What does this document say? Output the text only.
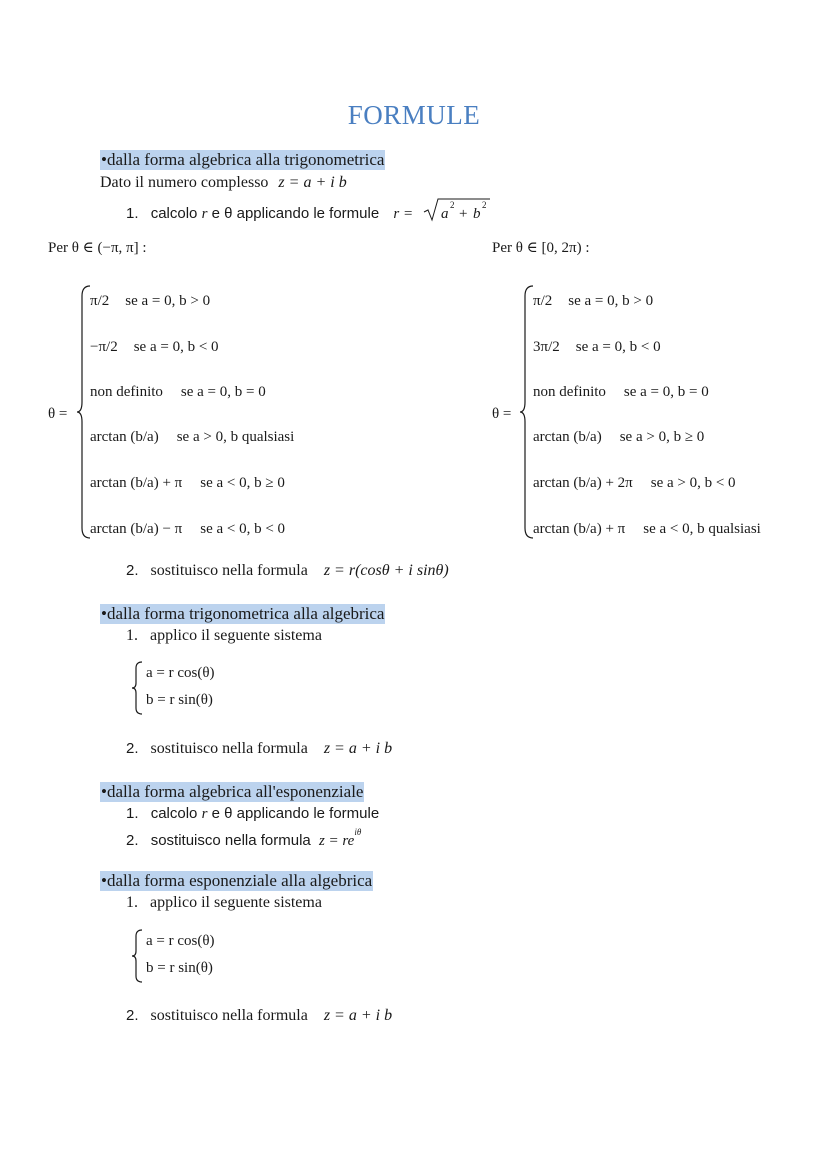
FORMULE
•dalla forma algebrica alla trigonometrica
Dato il numero complesso z = a + i b
1. calcolo r e θ applicando le formule r = a
2
+ b
2
Per θ ∈ (−π, π] :	Per θ ∈ [0, 2π) :
θ =
π/2 se a = 0, b > 0
−π/2 se a = 0, b < 0
non definito se a = 0, b = 0
arctan (b/a) se a > 0, b qualsiasi
arctan (b/a) + π se a < 0, b ≥ 0
arctan (b/a) − π se a < 0, b < 0
θ =
π/2 se a = 0, b > 0
3π/2 se a = 0, b < 0
non definito se a = 0, b = 0
arctan (b/a) se a > 0, b ≥ 0
arctan (b/a) + 2π se a > 0, b < 0
arctan (b/a) + π se a < 0, b qualsiasi
2. sostituisco nella formula z = r(cosθ + i sinθ)
•dalla forma trigonometrica alla algebrica
1. applico il seguente sistema
a = r cos(θ)
b = r sin(θ)
2. sostituisco nella formula z = a + i b
•dalla forma algebrica all'esponenziale
1. calcolo r e θ applicando le formule
2. sostituisco nella formula $z = re^{i\theta}$
•dalla forma esponenziale alla algebrica
1. applico il seguente sistema
a = r cos(θ)
b = r sin(θ)
2. sostituisco nella formula z = a + i b
